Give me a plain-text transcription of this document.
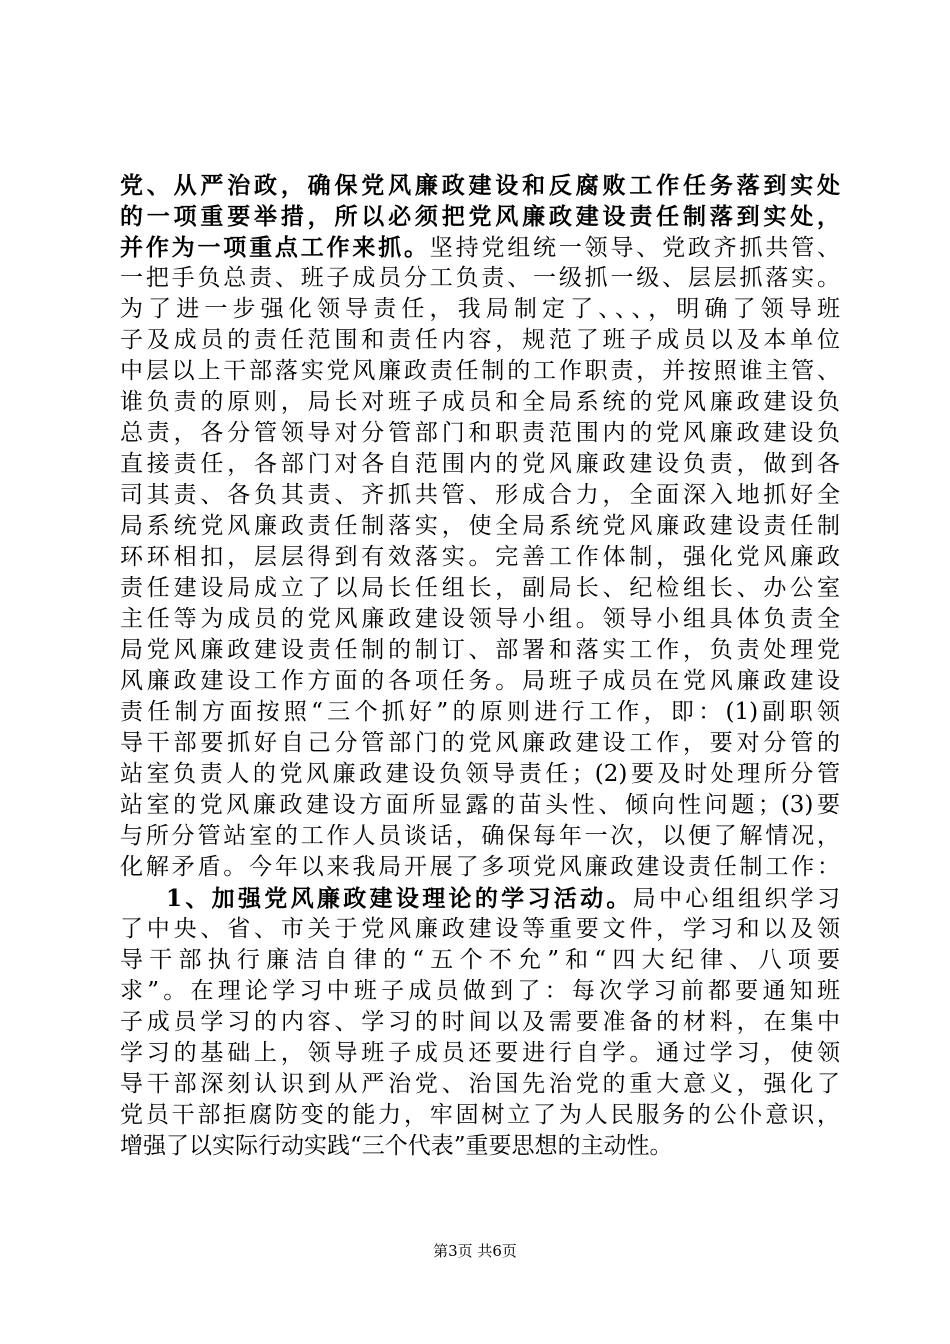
党、从严治政，确保党风廉政建设和反腐败工作任务落到实处
的一项重要举措，所以必须把党风廉政建设责任制落到实处，
并作为一项重点工作来抓。坚持党组统一领导、党政齐抓共管、
一把手负总责、班子成员分工负责、一级抓一级、层层抓落实。
为了进一步强化领导责任，我局制定了、、、，明确了领导班
子及成员的责任范围和责任内容，规范了班子成员以及本单位
中层以上干部落实党风廉政责任制的工作职责，并按照谁主管、
谁负责的原则，局长对班子成员和全局系统的党风廉政建设负
总责，各分管领导对分管部门和职责范围内的党风廉政建设负
直接责任，各部门对各自范围内的党风廉政建设负责，做到各
司其责、各负其责、齐抓共管、形成合力，全面深入地抓好全
局系统党风廉政责任制落实，使全局系统党风廉政建设责任制
环环相扣，层层得到有效落实。完善工作体制，强化党风廉政
责任建设局成立了以局长任组长，副局长、纪检组长、办公室
主任等为成员的党风廉政建设领导小组。领导小组具体负责全
局党风廉政建设责任制的制订、部署和落实工作，负责处理党
风廉政建设工作方面的各项任务。局班子成员在党风廉政建设
责任制方面按照“三个抓好”的原则进行工作，即：(1)副职领
导干部要抓好自己分管部门的党风廉政建设工作，要对分管的
站室负责人的党风廉政建设负领导责任；(2)要及时处理所分管
站室的党风廉政建设方面所显露的苗头性、倾向性问题；(3)要
与所分管站室的工作人员谈话，确保每年一次，以便了解情况，
化解矛盾。今年以来我局开展了多项党风廉政建设责任制工作：
1、加强党风廉政建设理论的学习活动。局中心组组织学习
了中央、省、市关于党风廉政建设等重要文件，学习和以及领
导干部执行廉洁自律的“五个不允”和“四大纪律、八项要
求”。在理论学习中班子成员做到了：每次学习前都要通知班
子成员学习的内容、学习的时间以及需要准备的材料，在集中
学习的基础上，领导班子成员还要进行自学。通过学习，使领
导干部深刻认识到从严治党、治国先治党的重大意义，强化了
党员干部拒腐防变的能力，牢固树立了为人民服务的公仆意识，
增强了以实际行动实践“三个代表”重要思想的主动性。
第3页 共6页
